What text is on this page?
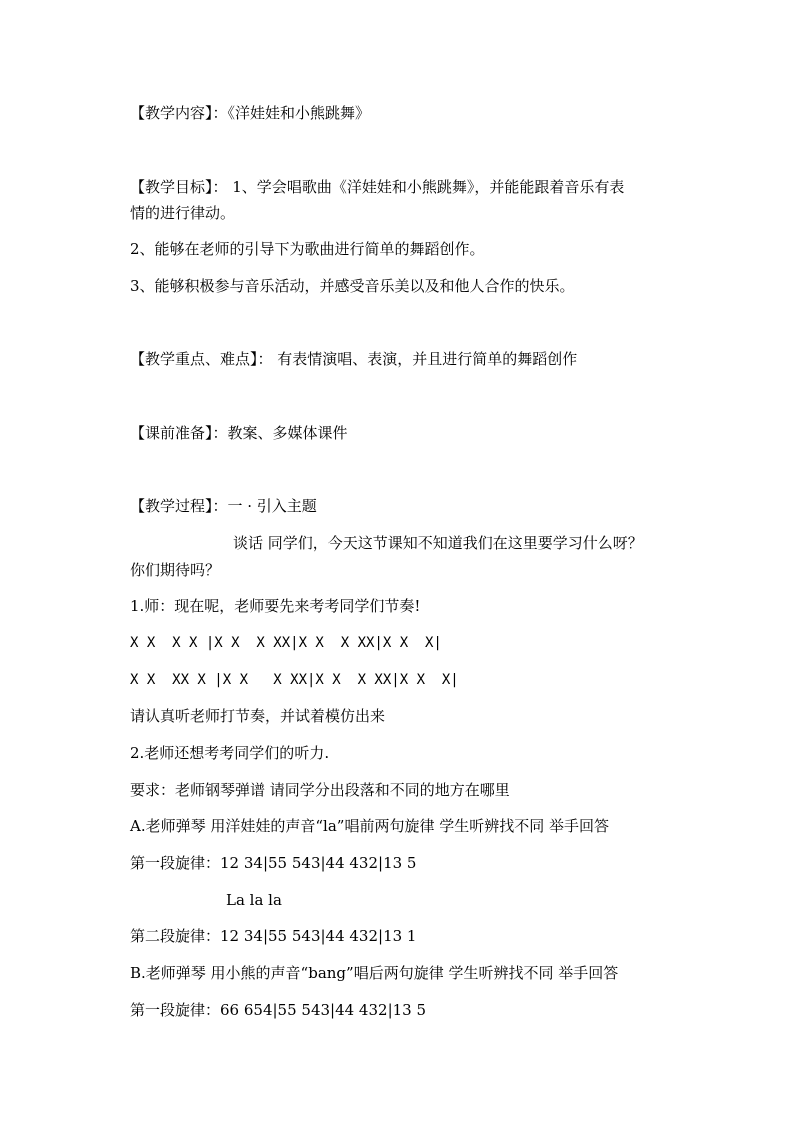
【教学内容】：《洋娃娃和小熊跳舞》
【教学目标】： 1、学会唱歌曲《洋娃娃和小熊跳舞》，并能能跟着音乐有表
情的进行律动。
2、能够在老师的引导下为歌曲进行简单的舞蹈创作。
3、能够积极参与音乐活动，并感受音乐美以及和他人合作的快乐。
【教学重点、难点】： 有表情演唱、表演，并且进行简单的舞蹈创作
【课前准备】：教案、多媒体课件
【教学过程】：一 · 引入主题
谈话 同学们，今天这节课知不知道我们在这里要学习什么呀？
你们期待吗？
1.师：现在呢，老师要先来考考同学们节奏!
X X  X X |X X  X XX|X X  X XX|X X  X|
X X  XX X |X X   X XX|X X  X XX|X X  X|
请认真听老师打节奏，并试着模仿出来
2.老师还想考考同学们的听力.
要求：老师钢琴弹谱 请同学分出段落和不同的地方在哪里
A.老师弹琴 用洋娃娃的声音“la”唱前两句旋律 学生听辨找不同 举手回答
第一段旋律：12 34|55 543|44 432|13 5
La la la
第二段旋律：12 34|55 543|44 432|13 1
B.老师弹琴 用小熊的声音“bang”唱后两句旋律 学生听辨找不同 举手回答
第一段旋律：66 654|55 543|44 432|13 5
